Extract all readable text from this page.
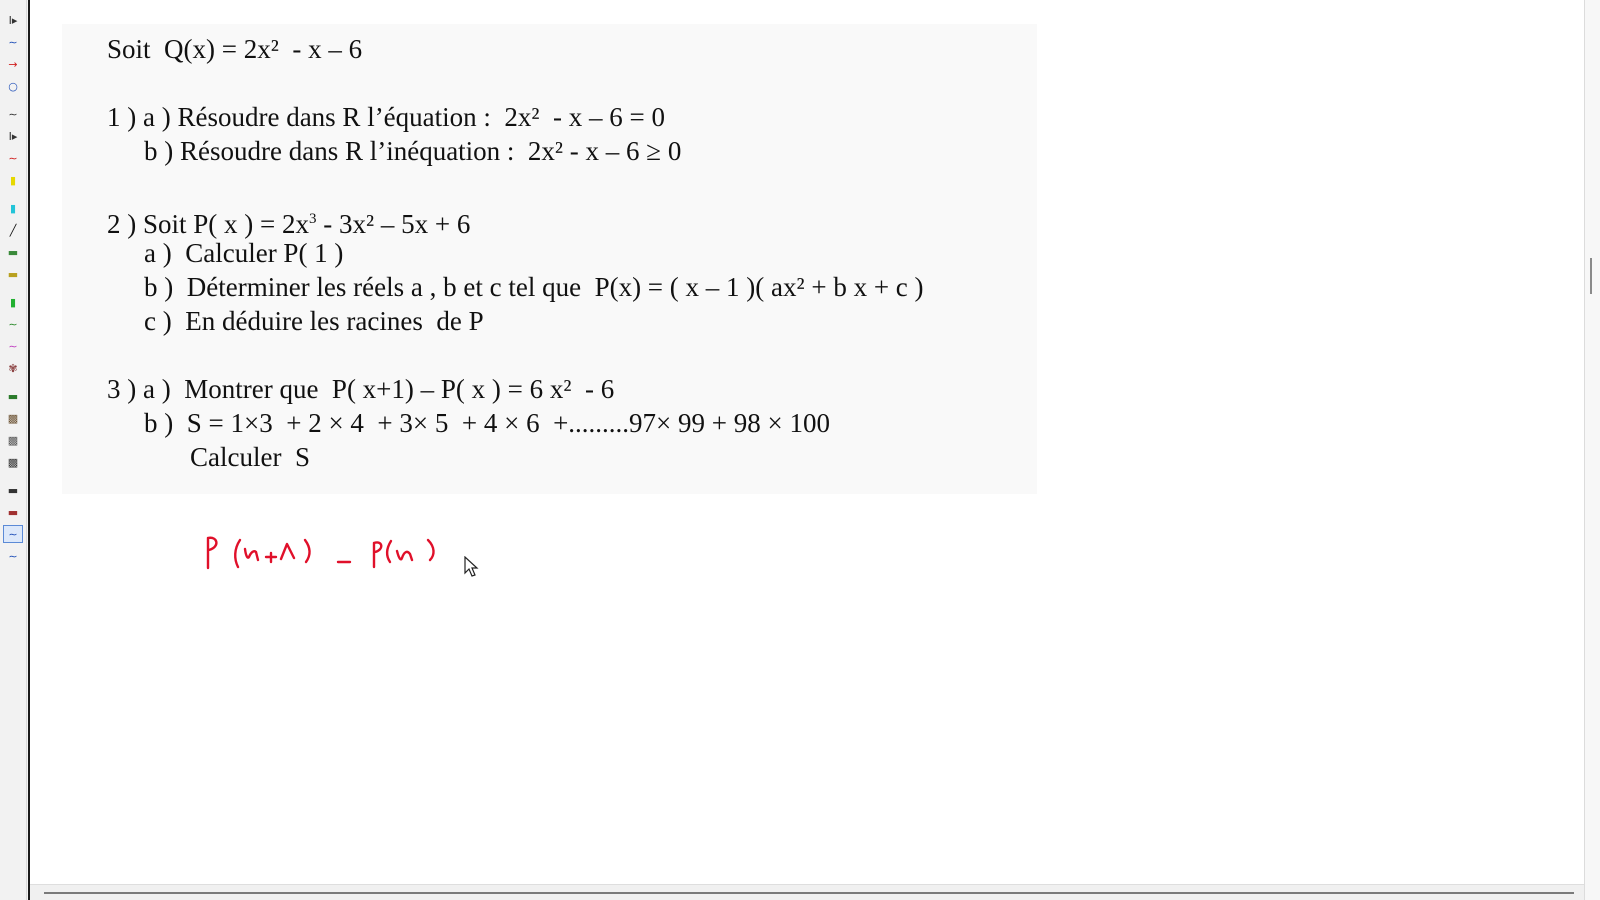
I▸
∼
→
○
∼
I▸
∼
▮
▮
╱
▬
▬
▮
∼
∼
✾
▬
▩
▩
▩
▬
▬
∼
∼
Soit  Q(x) = 2x²  - x – 6
1 ) a ) Résoudre dans R l’équation :  2x²  - x – 6 = 0
b ) Résoudre dans R l’inéquation :  2x² - x – 6 ≥ 0
2 ) Soit P( x ) = $2x^3 - 3x^2 - 5x + 6$
a )  Calculer P( 1 )
b )  Déterminer les réels a , b et c tel que  P(x) = ( x – 1 )( ax² + b x + c )
c )  En déduire les racines  de P
3 ) a )  Montrer que  P( x+1) – P( x ) = 6 x²  - 6
b )  S = 1×3  + 2 × 4  + 3× 5  + 4 × 6  +.........97× 99 + 98 × 100
Calculer  S
